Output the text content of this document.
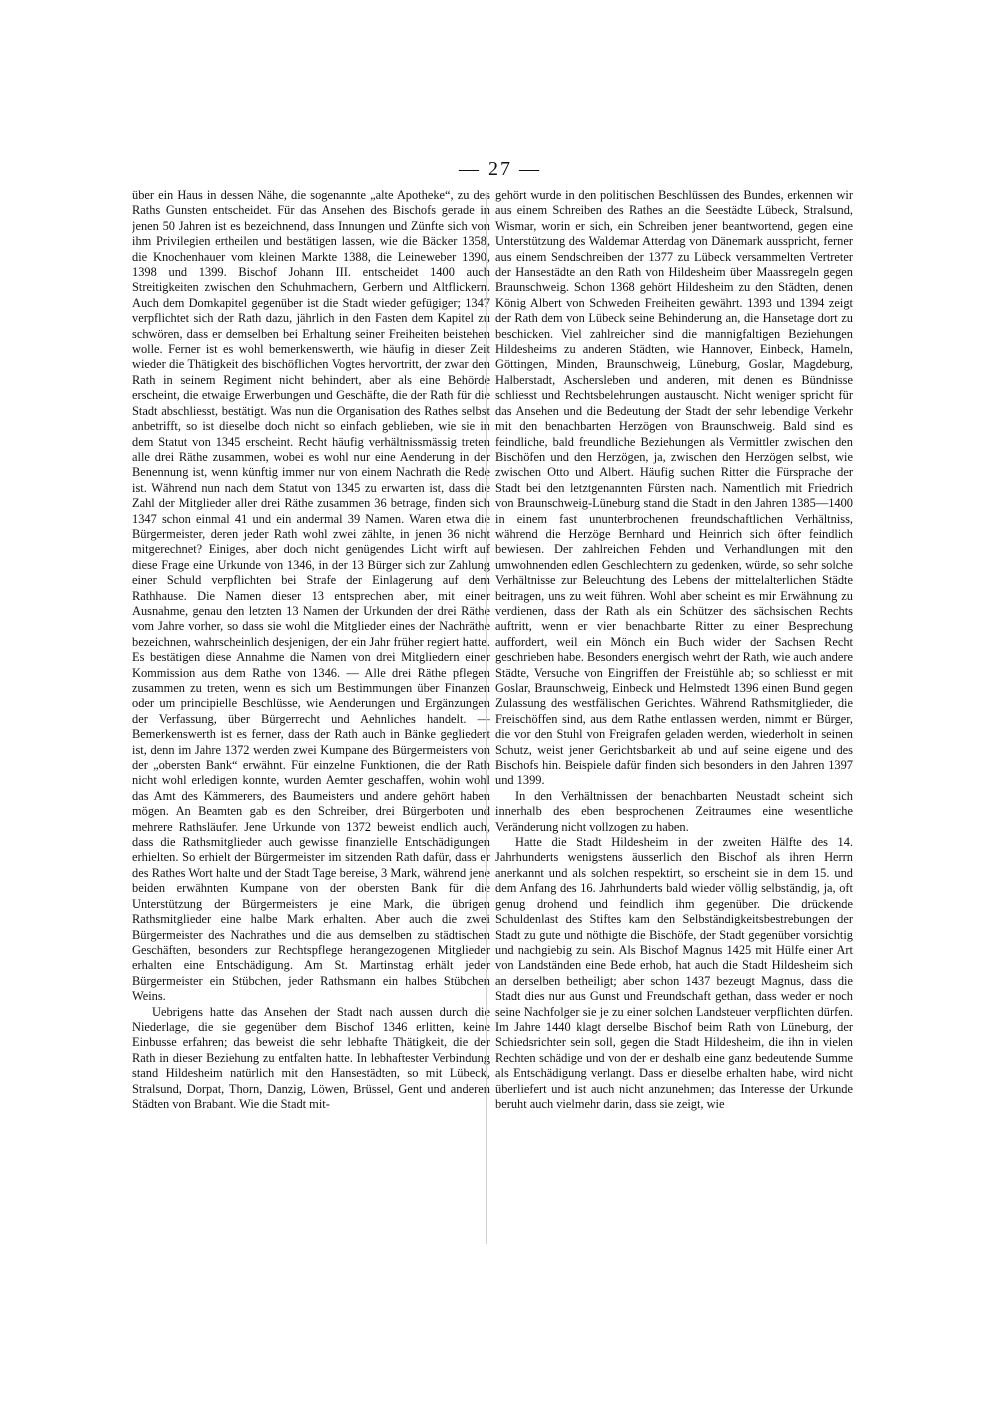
— 27 —

über ein Haus in dessen Nähe, die sogenannte „alte Apotheke“, zu des Raths Gunsten entscheidet. Für das Ansehen des Bischofs gerade in jenen 50 Jahren ist es bezeichnend, dass Innungen und Zünfte sich von ihm Privilegien ertheilen und bestätigen lassen, wie die Bäcker 1358, die Knochenhauer vom kleinen Markte 1388, die Leineweber 1390, 1398 und 1399. Bischof Johann III. entscheidet 1400 auch Streitigkeiten zwischen den Schuhmachern, Gerbern und Altflickern. Auch dem Domkapitel gegenüber ist die Stadt wieder gefügiger; 1347 verpflichtet sich der Rath dazu, jährlich in den Fasten dem Kapitel zu schwören, dass er demselben bei Erhaltung seiner Freiheiten beistehen wolle. Ferner ist es wohl bemerkenswerth, wie häufig in dieser Zeit wieder die Thätigkeit des bischöflichen Vogtes hervortritt, der zwar den Rath in seinem Regiment nicht behindert, aber als eine Behörde erscheint, die etwaige Erwerbungen und Geschäfte, die der Rath für die Stadt abschliesst, bestätigt. Was nun die Organisation des Rathes selbst anbetrifft, so ist dieselbe doch nicht so einfach geblieben, wie sie in dem Statut von 1345 erscheint. Recht häufig verhältnissmässig treten alle drei Räthe zusammen, wobei es wohl nur eine Aenderung in der Benennung ist, wenn künftig immer nur von einem Nachrath die Rede ist. Während nun nach dem Statut von 1345 zu erwarten ist, dass die Zahl der Mitglieder aller drei Räthe zusammen 36 betrage, finden sich 1347 schon einmal 41 und ein andermal 39 Namen. Waren etwa die Bürgermeister, deren jeder Rath wohl zwei zählte, in jenen 36 nicht mitgerechnet? Einiges, aber doch nicht genügendes Licht wirft auf diese Frage eine Urkunde von 1346, in der 13 Bürger sich zur Zahlung einer Schuld verpflichten bei Strafe der Einlagerung auf dem Rathhause. Die Namen dieser 13 entsprechen aber, mit einer Ausnahme, genau den letzten 13 Namen der Urkunden der drei Räthe vom Jahre vorher, so dass sie wohl die Mitglieder eines der Nachräthe bezeichnen, wahrscheinlich desjenigen, der ein Jahr früher regiert hatte. Es bestätigen diese Annahme die Namen von drei Mitgliedern einer Kommission aus dem Rathe von 1346. — Alle drei Räthe pflegen zusammen zu treten, wenn es sich um Bestimmungen über Finanzen oder um principielle Beschlüsse, wie Aenderungen und Ergänzungen der Verfassung, über Bürgerrecht und Aehnliches handelt. — Bemerkenswerth ist es ferner, dass der Rath auch in Bänke gegliedert ist, denn im Jahre 1372 werden zwei Kumpane des Bürgermeisters von der „obersten Bank“ erwähnt. Für einzelne Funktionen, die der Rath nicht wohl erledigen konnte, wurden Aemter geschaffen, wohin wohl das Amt des Kämmerers, des Baumeisters und andere gehört haben mögen. An Beamten gab es den Schreiber, drei Bürgerboten und mehrere Rathsläufer. Jene Urkunde von 1372 beweist endlich auch, dass die Rathsmitglieder auch gewisse finanzielle Entschädigungen erhielten. So erhielt der Bürgermeister im sitzenden Rath dafür, dass er des Rathes Wort halte und der Stadt Tage bereise, 3 Mark, während jene beiden erwähnten Kumpane von der obersten Bank für die Unterstützung der Bürgermeisters je eine Mark, die übrigen Rathsmitglieder eine halbe Mark erhalten. Aber auch die zwei Bürgermeister des Nachrathes und die aus demselben zu städtischen Geschäften, besonders zur Rechtspflege herangezogenen Mitglieder erhalten eine Entschädigung. Am St. Martinstag erhält jeder Bürgermeister ein Stübchen, jeder Rathsmann ein halbes Stübchen Weins.

Uebrigens hatte das Ansehen der Stadt nach aussen durch die Niederlage, die sie gegenüber dem Bischof 1346 erlitten, keine Einbusse erfahren; das beweist die sehr lebhafte Thätigkeit, die der Rath in dieser Beziehung zu entfalten hatte. In lebhaftester Verbindung stand Hildesheim natürlich mit den Hansestädten, so mit Lübeck, Stralsund, Dorpat, Thorn, Danzig, Löwen, Brüssel, Gent und anderen Städten von Brabant. Wie die Stadt mit-

gehört wurde in den politischen Beschlüssen des Bundes, erkennen wir aus einem Schreiben des Rathes an die Seestädte Lübeck, Stralsund, Wismar, worin er sich, ein Schreiben jener beantwortend, gegen eine Unterstützung des Waldemar Atterdag von Dänemark ausspricht, ferner aus einem Sendschreiben der 1377 zu Lübeck versammelten Vertreter der Hansestädte an den Rath von Hildesheim über Maassregeln gegen Braunschweig. Schon 1368 gehört Hildesheim zu den Städten, denen König Albert von Schweden Freiheiten gewährt. 1393 und 1394 zeigt der Rath dem von Lübeck seine Behinderung an, die Hansetage dort zu beschicken. Viel zahlreicher sind die mannigfaltigen Beziehungen Hildesheims zu anderen Städten, wie Hannover, Einbeck, Hameln, Göttingen, Minden, Braunschweig, Lüneburg, Goslar, Magdeburg, Halberstadt, Aschersleben und anderen, mit denen es Bündnisse schliesst und Rechtsbelehrungen austauscht. Nicht weniger spricht für das Ansehen und die Bedeutung der Stadt der sehr lebendige Verkehr mit den benachbarten Herzögen von Braunschweig. Bald sind es feindliche, bald freundliche Beziehungen als Vermittler zwischen den Bischöfen und den Herzögen, ja, zwischen den Herzögen selbst, wie zwischen Otto und Albert. Häufig suchen Ritter die Fürsprache der Stadt bei den letztgenannten Fürsten nach. Namentlich mit Friedrich von Braunschweig-Lüneburg stand die Stadt in den Jahren 1385—1400 in einem fast ununterbrochenen freundschaftlichen Verhältniss, während die Herzöge Bernhard und Heinrich sich öfter feindlich bewiesen. Der zahlreichen Fehden und Verhandlungen mit den umwohnenden edlen Geschlechtern zu gedenken, würde, so sehr solche Verhältnisse zur Beleuchtung des Lebens der mittelalterlichen Städte beitragen, uns zu weit führen. Wohl aber scheint es mir Erwähnung zu verdienen, dass der Rath als ein Schützer des sächsischen Rechts auftritt, wenn er vier benachbarte Ritter zu einer Besprechung auffordert, weil ein Mönch ein Buch wider der Sachsen Recht geschrieben habe. Besonders energisch wehrt der Rath, wie auch andere Städte, Versuche von Eingriffen der Freistühle ab; so schliesst er mit Goslar, Braunschweig, Einbeck und Helmstedt 1396 einen Bund gegen Zulassung des westfälischen Gerichtes. Während Rathsmitglieder, die Freischöffen sind, aus dem Rathe entlassen werden, nimmt er Bürger, die vor den Stuhl von Freigrafen geladen werden, wiederholt in seinen Schutz, weist jener Gerichtsbarkeit ab und auf seine eigene und des Bischofs hin. Beispiele dafür finden sich besonders in den Jahren 1397 und 1399.

In den Verhältnissen der benachbarten Neustadt scheint sich innerhalb des eben besprochenen Zeitraumes eine wesentliche Veränderung nicht vollzogen zu haben.

Hatte die Stadt Hildesheim in der zweiten Hälfte des 14. Jahrhunderts wenigstens äusserlich den Bischof als ihren Herrn anerkannt und als solchen respektirt, so erscheint sie in dem 15. und dem Anfang des 16. Jahrhunderts bald wieder völlig selbständig, ja, oft genug drohend und feindlich ihm gegenüber. Die drückende Schuldenlast des Stiftes kam den Selbständigkeitsbestrebungen der Stadt zu gute und nöthigte die Bischöfe, der Stadt gegenüber vorsichtig und nachgiebig zu sein. Als Bischof Magnus 1425 mit Hülfe einer Art von Landständen eine Bede erhob, hat auch die Stadt Hildesheim sich an derselben betheiligt; aber schon 1437 bezeugt Magnus, dass die Stadt dies nur aus Gunst und Freundschaft gethan, dass weder er noch seine Nachfolger sie je zu einer solchen Landsteuer verpflichten dürfen. Im Jahre 1440 klagt derselbe Bischof beim Rath von Lüneburg, der Schiedsrichter sein soll, gegen die Stadt Hildesheim, die ihn in vielen Rechten schädige und von der er deshalb eine ganz bedeutende Summe als Entschädigung verlangt. Dass er dieselbe erhalten habe, wird nicht überliefert und ist auch nicht anzunehmen; das Interesse der Urkunde beruht auch vielmehr darin, dass sie zeigt, wie
